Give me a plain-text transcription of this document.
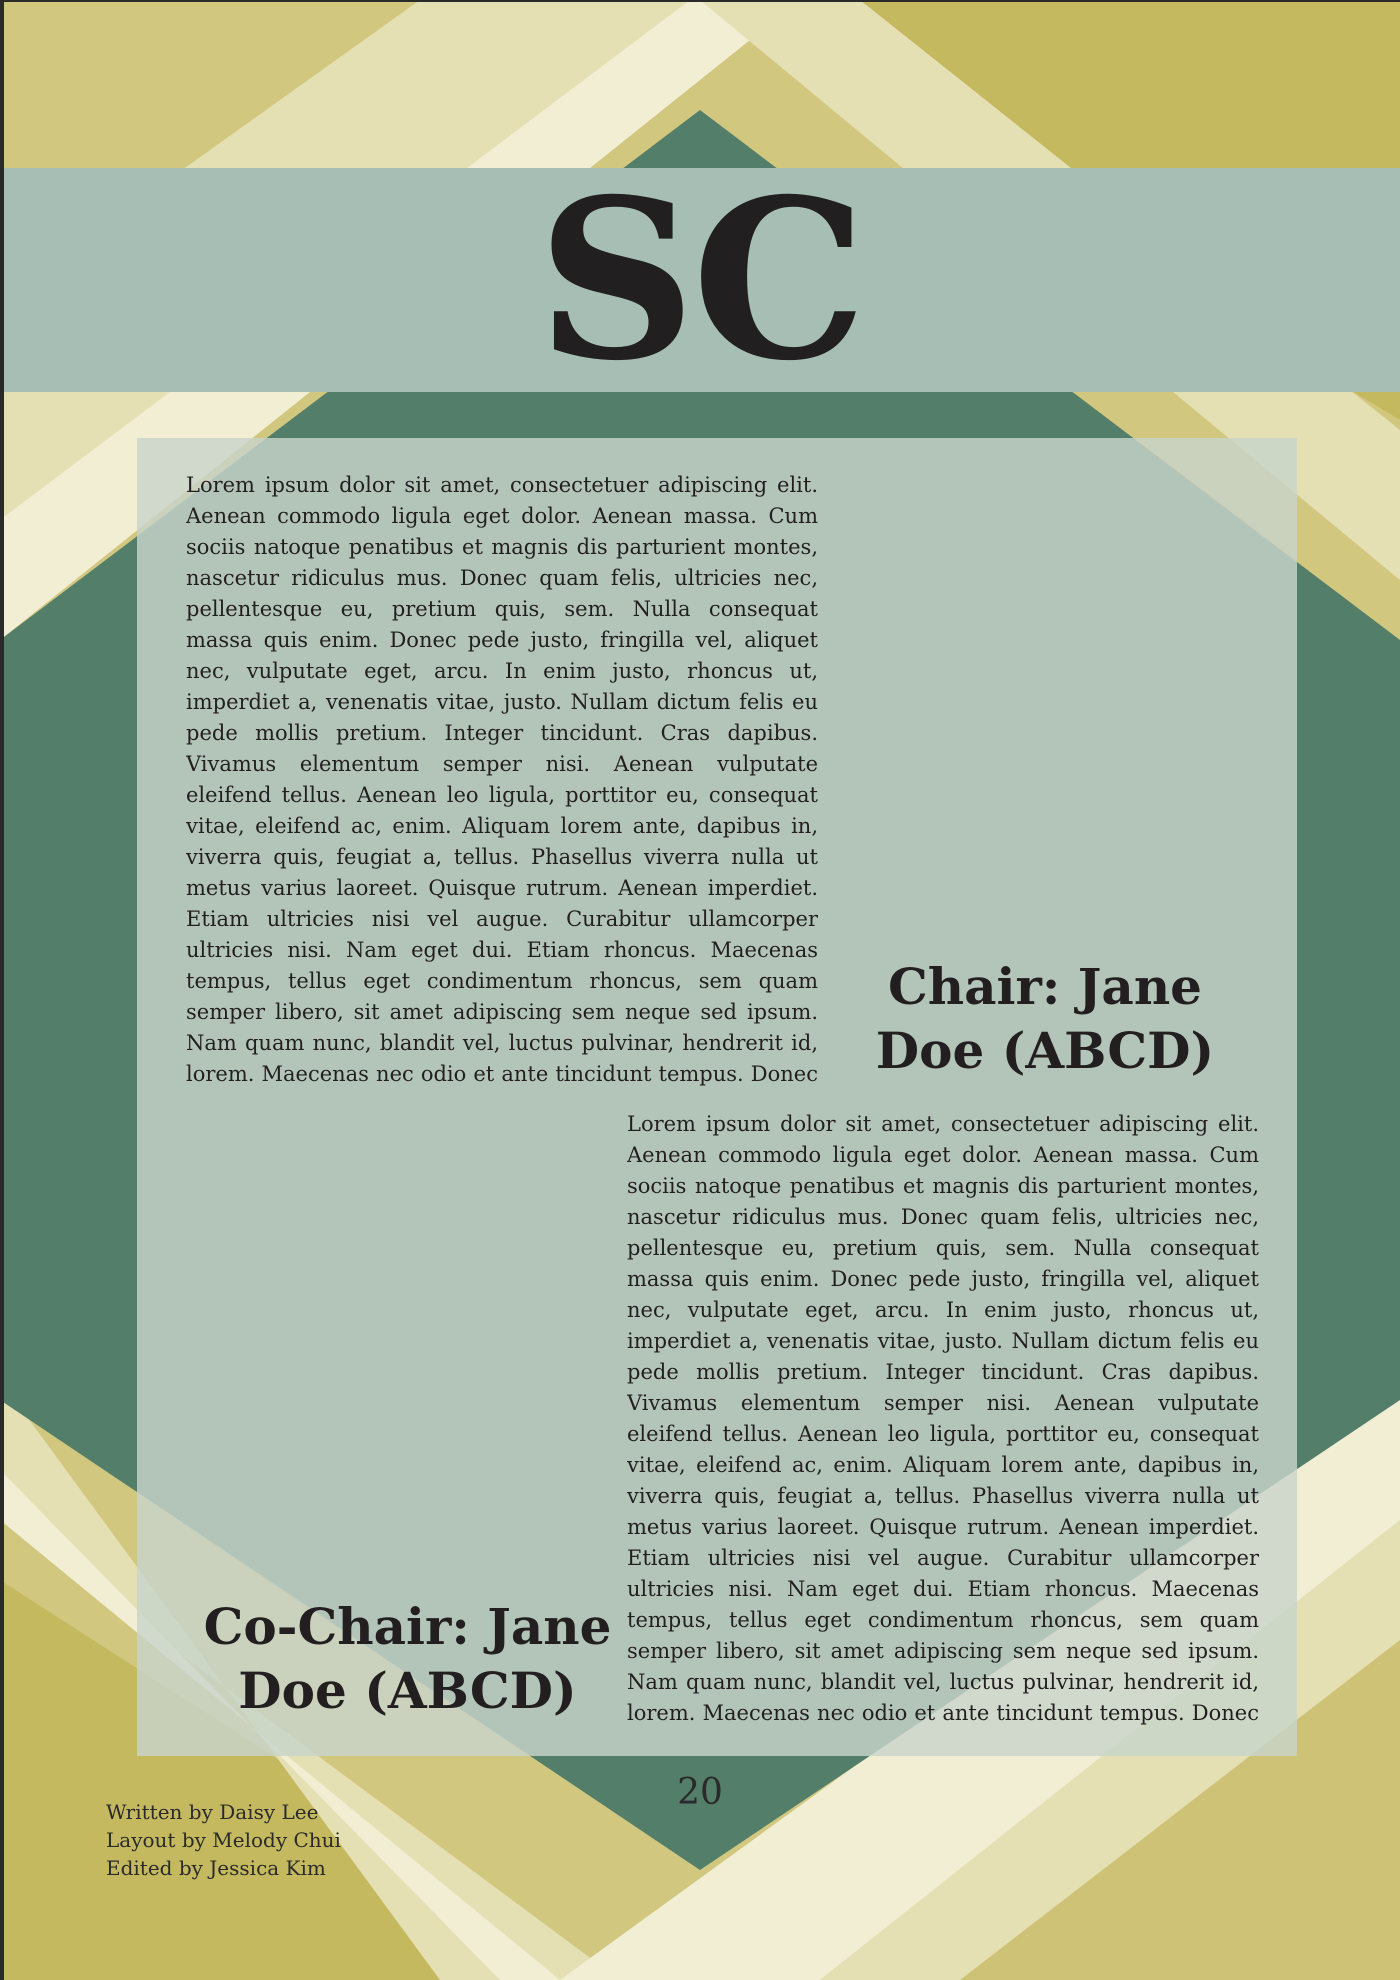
SC

Lorem ipsum dolor sit amet, consectetuer adipiscing elit. Aenean commodo ligula eget dolor. Aenean massa. Cum sociis natoque penatibus et magnis dis parturient montes, nascetur ridiculus mus. Donec quam felis, ultricies nec, pellentesque eu, pretium quis, sem. Nulla consequat massa quis enim. Donec pede justo, fringilla vel, aliquet nec, vulputate eget, arcu. In enim justo, rhoncus ut, imperdiet a, venenatis vitae, justo. Nullam dictum felis eu pede mollis pretium. Integer tincidunt. Cras dapibus. Vivamus elementum semper nisi. Aenean vulputate eleifend tellus. Aenean leo ligula, porttitor eu, consequat vitae, eleifend ac, enim. Aliquam lorem ante, dapibus in, viverra quis, feugiat a, tellus. Phasellus viverra nulla ut metus varius laoreet. Quisque rutrum. Aenean imperdiet. Etiam ultricies nisi vel augue. Curabitur ullamcorper ultricies nisi. Nam eget dui. Etiam rhoncus. Maecenas tempus, tellus eget condimentum rhoncus, sem quam semper libero, sit amet adipiscing sem neque sed ipsum. Nam quam nunc, blandit vel, luctus pulvinar, hendrerit id, lorem. Maecenas nec odio et ante tincidunt tempus. Donec

Chair: Jane Doe (ABCD)

Lorem ipsum dolor sit amet, consectetuer adipiscing elit. Aenean commodo ligula eget dolor. Aenean massa. Cum sociis natoque penatibus et magnis dis parturient montes, nascetur ridiculus mus. Donec quam felis, ultricies nec, pellentesque eu, pretium quis, sem. Nulla consequat massa quis enim. Donec pede justo, fringilla vel, aliquet nec, vulputate eget, arcu. In enim justo, rhoncus ut, imperdiet a, venenatis vitae, justo. Nullam dictum felis eu pede mollis pretium. Integer tincidunt. Cras dapibus. Vivamus elementum semper nisi. Aenean vulputate eleifend tellus. Aenean leo ligula, porttitor eu, consequat vitae, eleifend ac, enim. Aliquam lorem ante, dapibus in, viverra quis, feugiat a, tellus. Phasellus viverra nulla ut metus varius laoreet. Quisque rutrum. Aenean imperdiet. Etiam ultricies nisi vel augue. Curabitur ullamcorper ultricies nisi. Nam eget dui. Etiam rhoncus. Maecenas tempus, tellus eget condimentum rhoncus, sem quam semper libero, sit amet adipiscing sem neque sed ipsum. Nam quam nunc, blandit vel, luctus pulvinar, hendrerit id, lorem. Maecenas nec odio et ante tincidunt tempus. Donec

Co-Chair: Jane Doe (ABCD)

20

Written by Daisy Lee
Layout by Melody Chui
Edited by Jessica Kim
